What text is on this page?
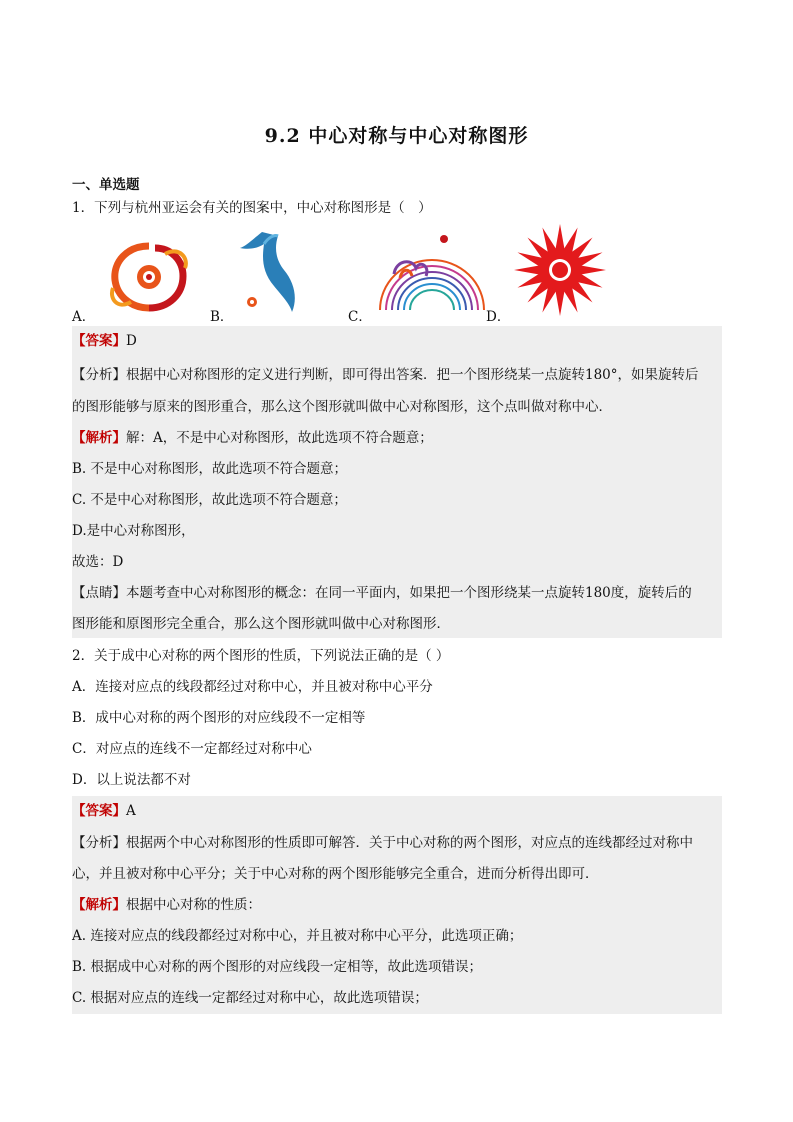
9.2 中心对称与中心对称图形
一、单选题
1．下列与杭州亚运会有关的图案中，中心对称图形是（　）
A．	B．	C．	D．
【答案】D
【分析】根据中心对称图形的定义进行判断，即可得出答案．把一个图形绕某一点旋转180°，如果旋转后
的图形能够与原来的图形重合，那么这个图形就叫做中心对称图形，这个点叫做对称中心．
【解析】解：A，不是中心对称图形，故此选项不符合题意；
B. 不是中心对称图形，故此选项不符合题意；
C. 不是中心对称图形，故此选项不符合题意；
D.是中心对称图形，
故选：D
【点睛】本题考查中心对称图形的概念：在同一平面内，如果把一个图形绕某一点旋转180度，旋转后的
图形能和原图形完全重合，那么这个图形就叫做中心对称图形．
2．关于成中心对称的两个图形的性质，下列说法正确的是（ ）
A．连接对应点的线段都经过对称中心，并且被对称中心平分
B．成中心对称的两个图形的对应线段不一定相等
C．对应点的连线不一定都经过对称中心
D．以上说法都不对
【答案】A
【分析】根据两个中心对称图形的性质即可解答．关于中心对称的两个图形，对应点的连线都经过对称中
心，并且被对称中心平分；关于中心对称的两个图形能够完全重合，进而分析得出即可．
【解析】根据中心对称的性质：
A. 连接对应点的线段都经过对称中心，并且被对称中心平分，此选项正确；
B. 根据成中心对称的两个图形的对应线段一定相等，故此选项错误；
C. 根据对应点的连线一定都经过对称中心，故此选项错误；
